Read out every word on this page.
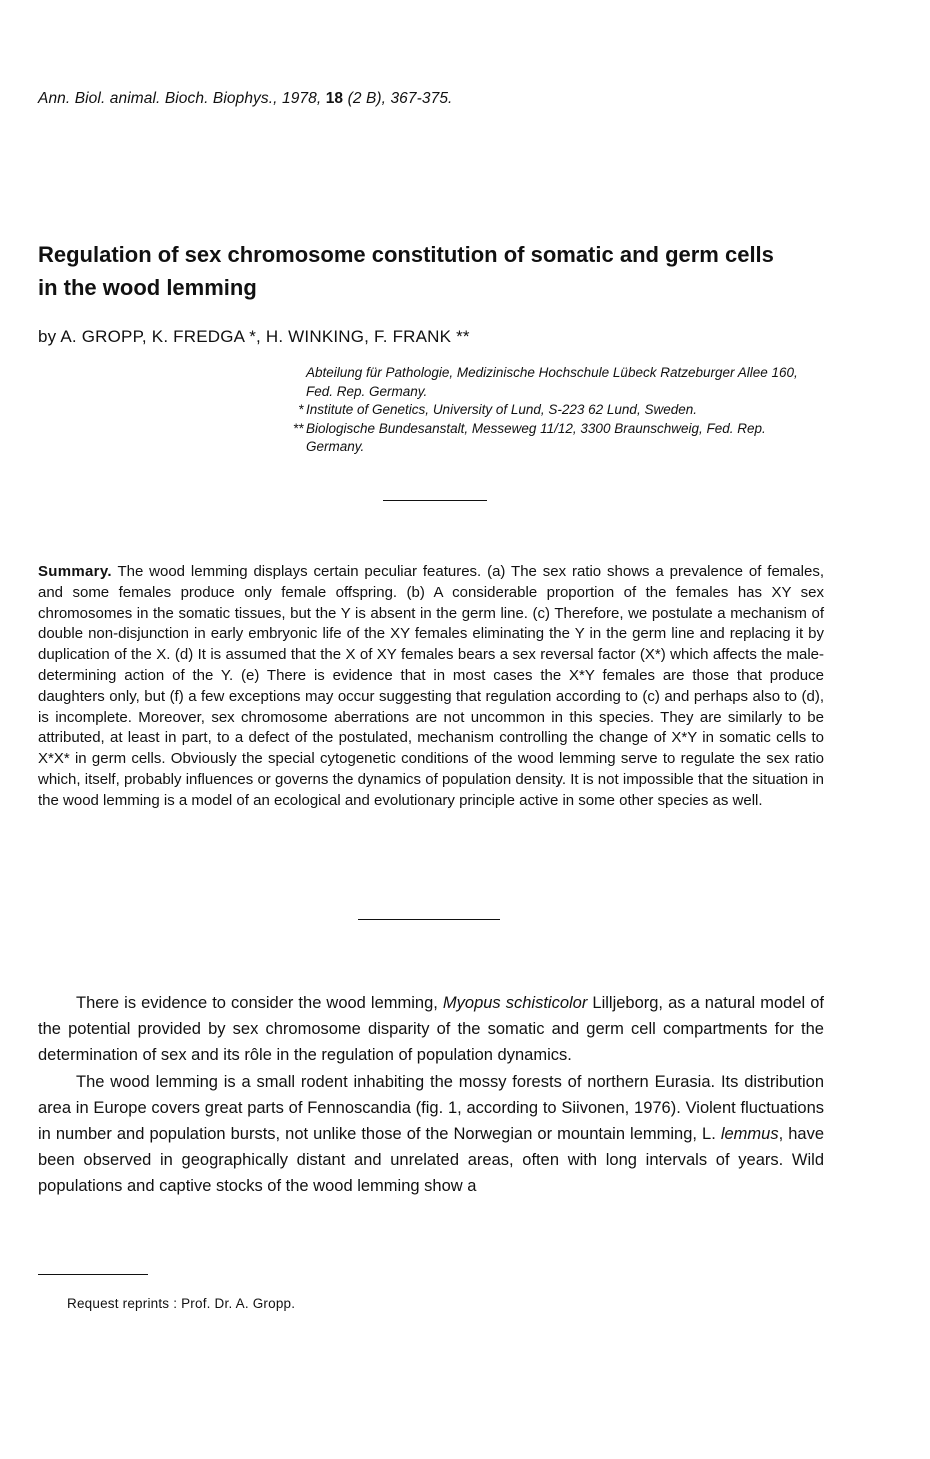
Ann. Biol. animal. Bioch. Biophys., 1978, 18 (2 B), 367-375.
Regulation of sex chromosome constitution of somatic and germ cells in the wood lemming
by A. GROPP, K. FREDGA *, H. WINKING, F. FRANK **
Abteilung für Pathologie, Medizinische Hochschule Lübeck Ratzeburger Allee 160, Fed. Rep. Germany.
* Institute of Genetics, University of Lund, S-223 62 Lund, Sweden.
** Biologische Bundesanstalt, Messeweg 11/12, 3300 Braunschweig, Fed. Rep. Germany.

Summary. The wood lemming displays certain peculiar features. (a) The sex ratio shows a prevalence of females, and some females produce only female offspring. (b) A considerable proportion of the females has XY sex chromosomes in the somatic tissues, but the Y is absent in the germ line. (c) Therefore, we postulate a mechanism of double non-disjunction in early embryonic life of the XY females eliminating the Y in the germ line and replacing it by duplication of the X. (d) It is assumed that the X of XY females bears a sex reversal factor (X*) which affects the male-determining action of the Y. (e) There is evidence that in most cases the X*Y females are those that produce daughters only, but (f) a few exceptions may occur suggesting that regulation according to (c) and perhaps also to (d), is incomplete. Moreover, sex chromosome aberrations are not uncommon in this species. They are similarly to be attributed, at least in part, to a defect of the postulated, mechanism controlling the change of X*Y in somatic cells to X*X* in germ cells. Obviously the special cytogenetic conditions of the wood lemming serve to regulate the sex ratio which, itself, probably influences or governs the dynamics of population density. It is not impossible that the situation in the wood lemming is a model of an ecological and evolutionary principle active in some other species as well.

There is evidence to consider the wood lemming, Myopus schisticolor Lilljeborg, as a natural model of the potential provided by sex chromosome disparity of the somatic and germ cell compartments for the determination of sex and its rôle in the regulation of population dynamics.

The wood lemming is a small rodent inhabiting the mossy forests of northern Eurasia. Its distribution area in Europe covers great parts of Fennoscandia (fig. 1, according to Siivonen, 1976). Violent fluctuations in number and population bursts, not unlike those of the Norwegian or mountain lemming, L. lemmus, have been observed in geographically distant and unrelated areas, often with long intervals of years. Wild populations and captive stocks of the wood lemming show a

Request reprints : Prof. Dr. A. Gropp.
